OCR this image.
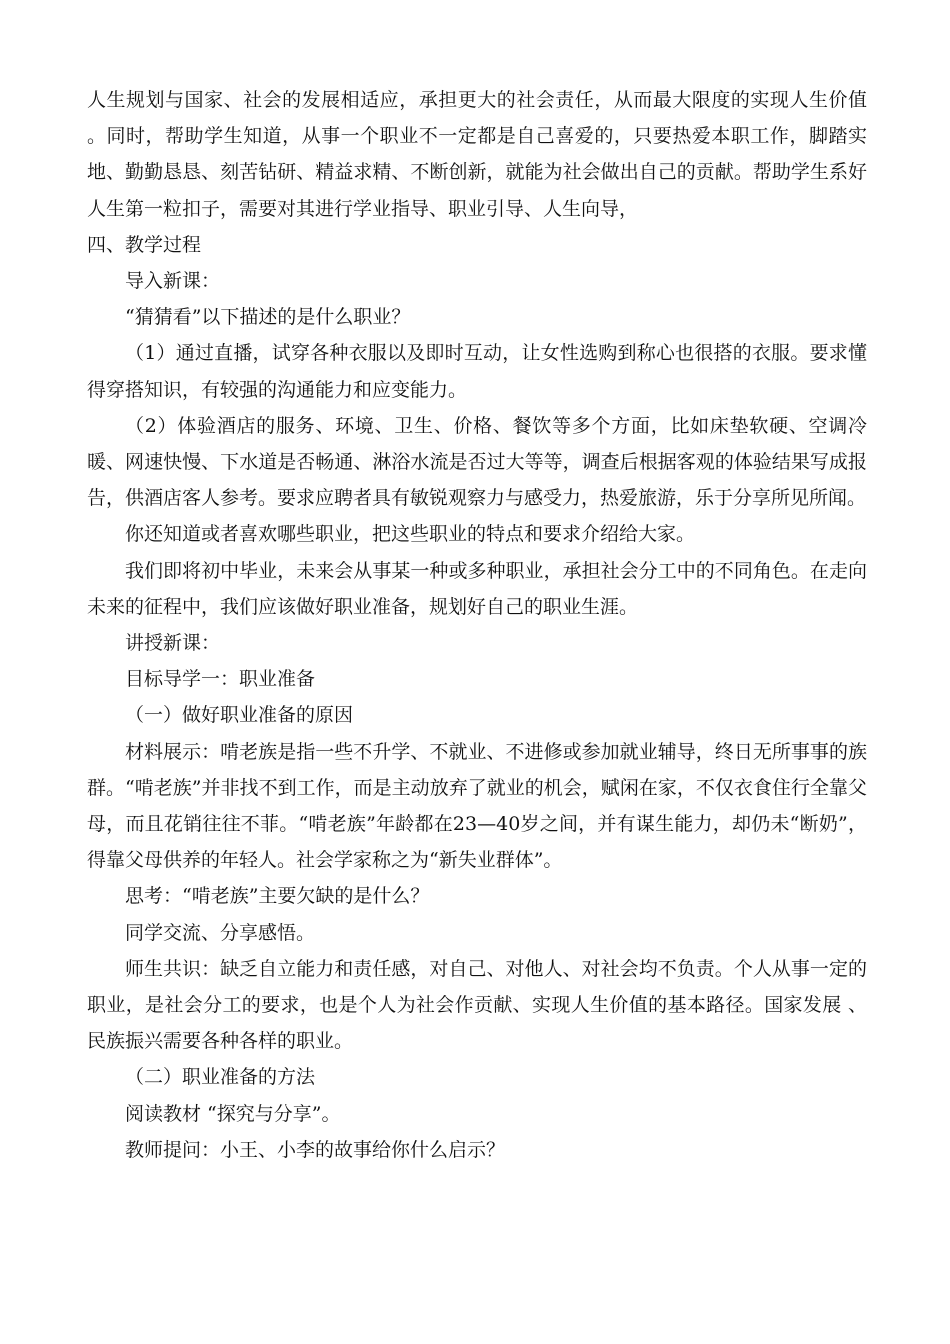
人生规划与国家、社会的发展相适应，承担更大的社会责任，从而最大限度的实现人生价值 。同时，帮助学生知道，从事一个职业不一定都是自己喜爱的，只要热爱本职工作，脚踏实地、勤勤恳恳、刻苦钻研、精益求精、不断创新，就能为社会做出自己的贡献。帮助学生系好人生第一粒扣子，需要对其进行学业指导、职业引导、人生向导，

四、教学过程

导入新课：

“猜猜看”以下描述的是什么职业？

（1）通过直播，试穿各种衣服以及即时互动，让女性选购到称心也很搭的衣服。要求懂得穿搭知识，有较强的沟通能力和应变能力。

（2）体验酒店的服务、环境、卫生、价格、餐饮等多个方面，比如床垫软硬、空调冷暖、网速快慢、下水道是否畅通、淋浴水流是否过大等等，调查后根据客观的体验结果写成报告，供酒店客人参考。要求应聘者具有敏锐观察力与感受力，热爱旅游，乐于分享所见所闻。

你还知道或者喜欢哪些职业，把这些职业的特点和要求介绍给大家。

我们即将初中毕业，未来会从事某一种或多种职业，承担社会分工中的不同角色。在走向未来的征程中，我们应该做好职业准备，规划好自己的职业生涯。

讲授新课：

目标导学一：职业准备

（一）做好职业准备的原因

材料展示：啃老族是指一些不升学、不就业、不进修或参加就业辅导，终日无所事事的族群。“啃老族”并非找不到工作，而是主动放弃了就业的机会，赋闲在家，不仅衣食住行全靠父母，而且花销往往不菲。“啃老族”年龄都在23—40岁之间，并有谋生能力，却仍未“断奶”，得靠父母供养的年轻人。社会学家称之为“新失业群体”。

思考：“啃老族”主要欠缺的是什么？

同学交流、分享感悟。

师生共识：缺乏自立能力和责任感，对自己、对他人、对社会均不负责。个人从事一定的职业，是社会分工的要求，也是个人为社会作贡献、实现人生价值的基本路径。国家发展 、民族振兴需要各种各样的职业。

（二）职业准备的方法

阅读教材 “探究与分享”。

教师提问：小王、小李的故事给你什么启示？
